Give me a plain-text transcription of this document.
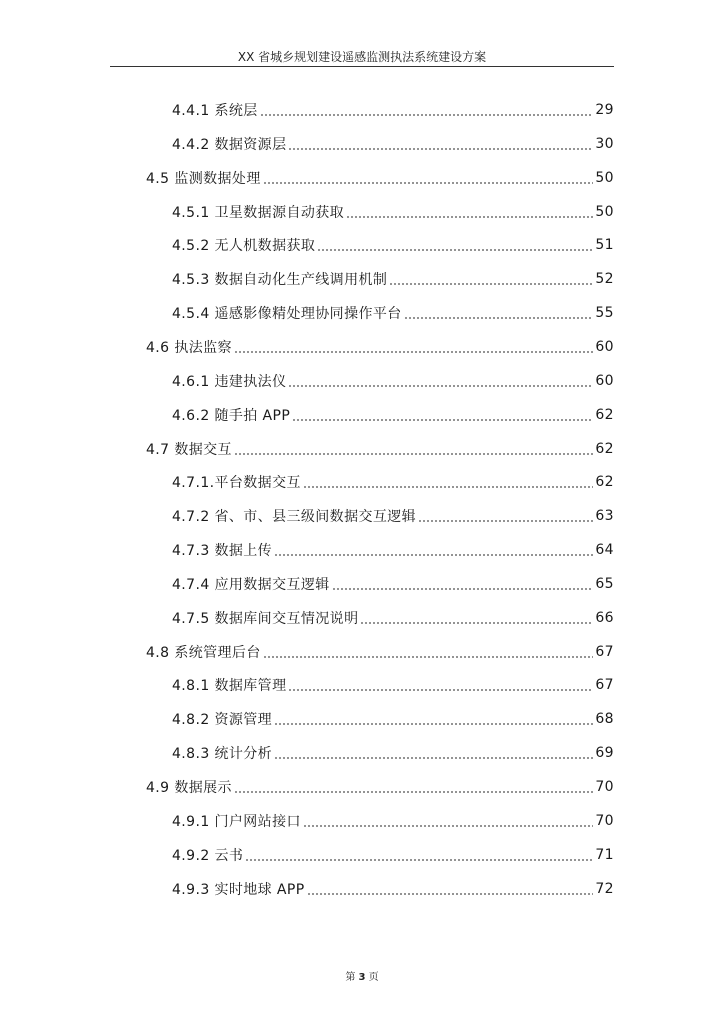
XX 省城乡规划建设遥感监测执法系统建设方案
4.4.1 系统层	29
4.4.2 数据资源层	30
4.5 监测数据处理	50
4.5.1 卫星数据源自动获取	50
4.5.2 无人机数据获取	51
4.5.3 数据自动化生产线调用机制	52
4.5.4 遥感影像精处理协同操作平台	55
4.6 执法监察	60
4.6.1 违建执法仪	60
4.6.2 随手拍 APP	62
4.7 数据交互	62
4.7.1.平台数据交互	62
4.7.2 省、市、县三级间数据交互逻辑	63
4.7.3 数据上传	64
4.7.4 应用数据交互逻辑	65
4.7.5 数据库间交互情况说明	66
4.8 系统管理后台	67
4.8.1 数据库管理	67
4.8.2 资源管理	68
4.8.3 统计分析	69
4.9 数据展示	70
4.9.1 门户网站接口	70
4.9.2 云书	71
4.9.3 实时地球 APP	72
第 3 页
